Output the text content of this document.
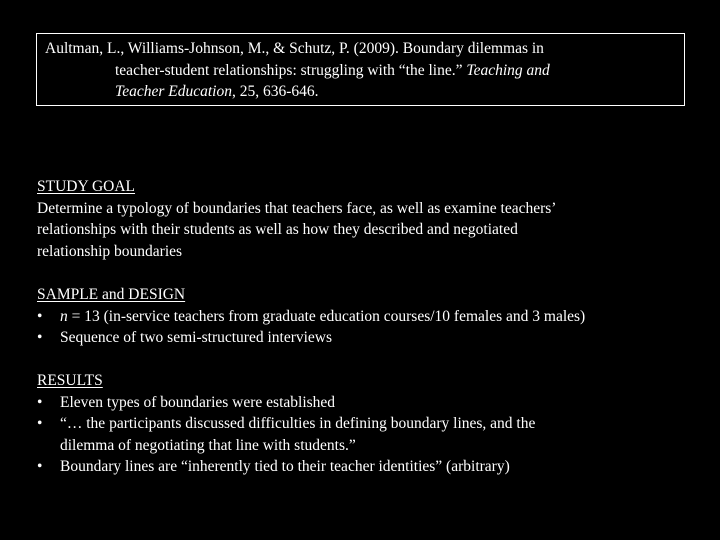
Aultman, L., Williams-Johnson, M., & Schutz, P. (2009). Boundary dilemmas in
teacher-student relationships: struggling with “the line.” Teaching and
Teacher Education, 25, 636-646.
STUDY GOAL
Determine a typology of boundaries that teachers face, as well as examine teachers’
relationships with their students as well as how they described and negotiated
relationship boundaries
SAMPLE and DESIGN
• n = 13 (in-service teachers from graduate education courses/10 females and 3 males)
• Sequence of two semi-structured interviews
RESULTS
• Eleven types of boundaries were established
• “… the participants discussed difficulties in defining boundary lines, and the
dilemma of negotiating that line with students.”
• Boundary lines are “inherently tied to their teacher identities” (arbitrary)
